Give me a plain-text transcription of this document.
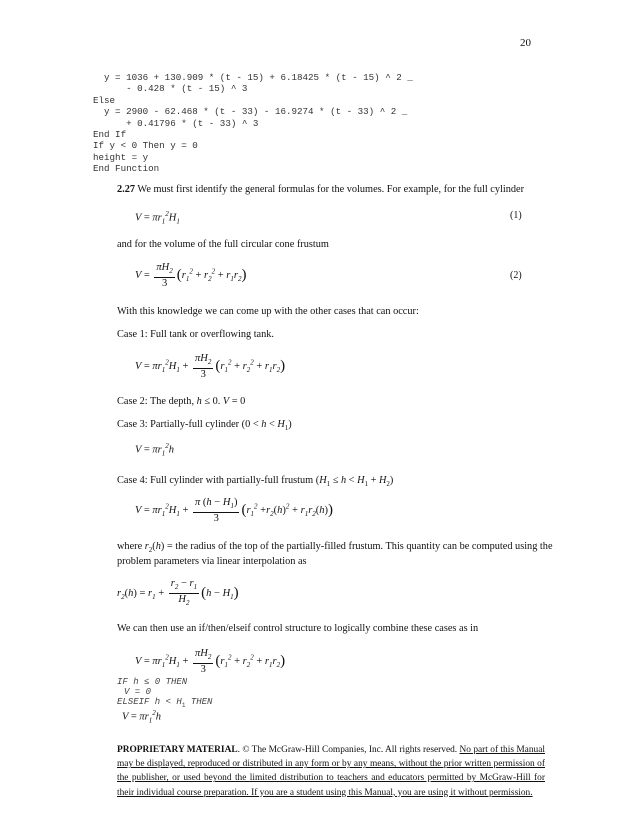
20
y = 1036 + 130.909 * (t - 15) + 6.18425 * (t - 15) ^ 2 _
- 0.428 * (t - 15) ^ 3
Else
y = 2900 - 62.468 * (t - 33) - 16.9274 * (t - 33) ^ 2 _
+ 0.41796 * (t - 33) ^ 3
End If
If y < 0 Then y = 0
height = y
End Function
2.27 We must first identify the general formulas for the volumes. For example, for the full cylinder
$V = \pi r_1^2H_1$
(1)
and for the volume of the full circular cone frustum
$V = \frac{\pi H_2}{3} (r_1^2 + r_2^2 + r_1r_2)$	(2)
With this knowledge we can come up with the other cases that can occur:
Case 1: Full tank or overflowing tank.
$V = \pi r_1^2H_1 + \frac{\pi H_2}{3} (r_1^2 + r_2^2 + r_1r_2)$
Case 2: The depth, h ≤ 0. V = 0
Case 3: Partially-full cylinder $(0 < h < H_1)$
$V = \pi r_1^2h$
Case 4: Full cylinder with partially-full frustum $(H_1 \le h < H_1 + H_2)$
$V = \pi r_1^2H_1 + \frac{\pi (h - H_1)}{3} (r_1^2 +r_2(h)^2 + r_1r_2(h))$
where $r_2(h)$ = the radius of the top of the partially-filled frustum. This quantity can be computed using the
problem parameters via linear interpolation as
$r_2(h) = r_1 + \frac{r_2 - r_1}{H_2} (h - H_1)$
We can then use an if/then/elseif control structure to logically combine these cases as in
$V = \pi r_1^2H_1 + \frac{\pi H_2}{3} (r_1^2 + r_2^2 + r_1r_2)$
IF h ≤ 0 THEN
V = 0
ELSEIF $h < H_1$ THEN
$V = \pi r_1^2h$
PROPRIETARY MATERIAL. © The McGraw-Hill Companies, Inc. All rights reserved. No part of this Manual may be displayed, reproduced or distributed in any form or by any means, without the prior written permission of the publisher, or used beyond the limited distribution to teachers and educators permitted by McGraw-Hill for their individual course preparation. If you are a student using this Manual, you are using it without permission.
